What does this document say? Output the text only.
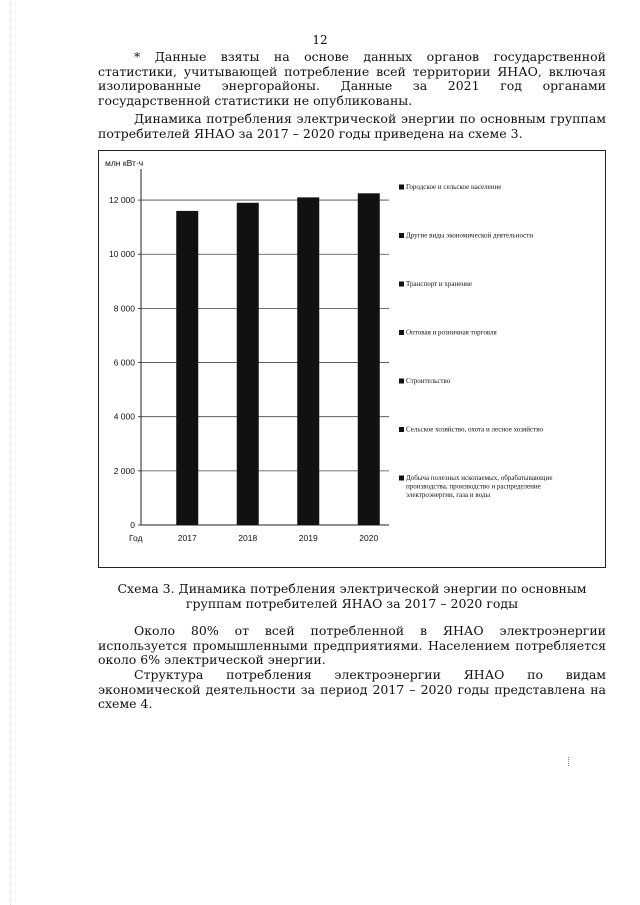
12

* Данные взяты на основе данных органов государственной статистики, учитывающей потребление всей территории ЯНАО, включая изолированные энергорайоны. Данные за 2021 год органами государственной статистики не опубликованы.

Динамика потребления электрической энергии по основным группам потребителей ЯНАО за 2017 – 2020 годы приведена на схеме 3.

млн кВт·ч
0
2 000
4 000
6 000
8 000
10 000
12 000
2017	2018	2019	2020
Год
Городское и сельское население
Другие виды экономической деятельности
Транспорт и хранение
Оптовая и розничная торговля
Строительство
Сельское хозяйство, охота и лесное хозяйство
Добыча полезных ископаемых, обрабатывающие производства, производство и распределение электроэнергии, газа и воды

Схема 3. Динамика потребления электрической энергии по основным группам потребителей ЯНАО за 2017 – 2020 годы

Около 80% от всей потребленной в ЯНАО электроэнергии используется промышленными предприятиями. Населением потребляется около 6% электрической энергии.

Структура потребления электроэнергии ЯНАО по видам экономической деятельности за период 2017 – 2020 годы представлена на схеме 4.
